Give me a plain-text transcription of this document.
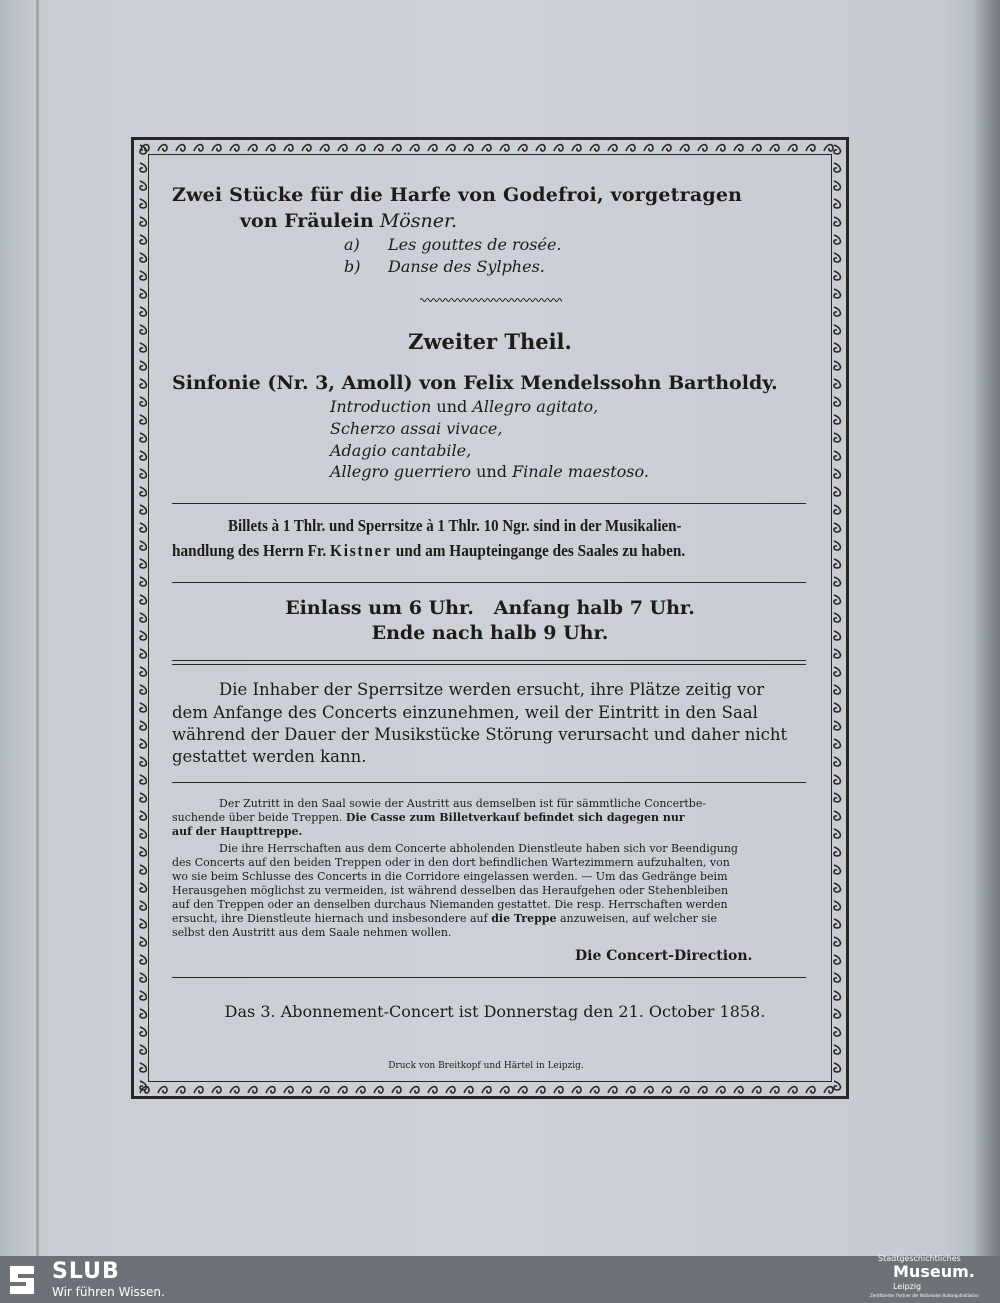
Zwei Stücke für die Harfe von Godefroi, vorgetragen
von Fräulein Mösner.
a) Les gouttes de rosée.
b) Danse des Sylphes.
Zweiter Theil.
Sinfonie (Nr. 3, Amoll) von Felix Mendelssohn Bartholdy.
Introduction und Allegro agitato,
Scherzo assai vivace,
Adagio cantabile,
Allegro guerriero und Finale maestoso.
Billets à 1 Thlr. und Sperrsitze à 1 Thlr. 10 Ngr. sind in der Musikalien-
handlung des Herrn Fr. Kistner und am Haupteingange des Saales zu haben.
Einlass um 6 Uhr.   Anfang halb 7 Uhr.
Ende nach halb 9 Uhr.
Die Inhaber der Sperrsitze werden ersucht, ihre Plätze zeitig vor
dem Anfange des Concerts einzunehmen, weil der Eintritt in den Saal
während der Dauer der Musikstücke Störung verursacht und daher nicht
gestattet werden kann.
Der Zutritt in den Saal sowie der Austritt aus demselben ist für sämmtliche Concertbe-
suchende über beide Treppen. Die Casse zum Billetverkauf befindet sich dagegen nur
auf der Haupttreppe.
Die ihre Herrschaften aus dem Concerte abholenden Dienstleute haben sich vor Beendigung
des Concerts auf den beiden Treppen oder in den dort befindlichen Wartezimmern aufzuhalten, von
wo sie beim Schlusse des Concerts in die Corridore eingelassen werden. — Um das Gedränge beim
Herausgehen möglichst zu vermeiden, ist während desselben das Heraufgehen oder Stehenbleiben
auf den Treppen oder an denselben durchaus Niemanden gestattet. Die resp. Herrschaften werden
ersucht, ihre Dienstleute hiernach und insbesondere auf die Treppe anzuweisen, auf welcher sie
selbst den Austritt aus dem Saale nehmen wollen.
Die Concert-Direction.
Das 3. Abonnement-Concert ist Donnerstag den 21. October 1858.
Druck von Breitkopf und Härtel in Leipzig.
SLUB
Wir führen Wissen.
Stadtgeschichtliches
Museum.
Leipzig
Zertifizierter Partner der Nationalen Kulturgutinitiative
